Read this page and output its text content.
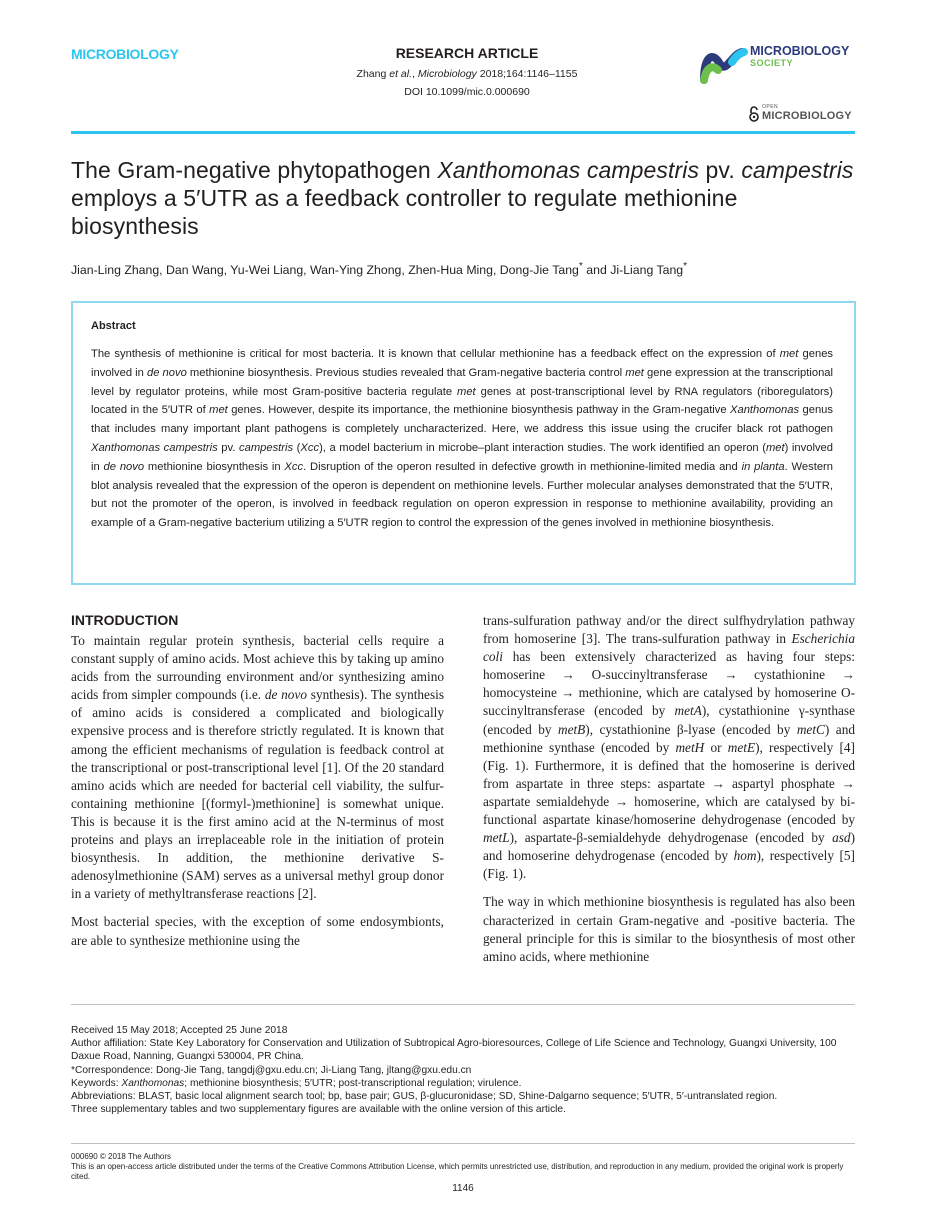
MICROBIOLOGY	RESEARCH ARTICLE
Zhang et al., Microbiology 2018;164:1146–1155
DOI 10.1099/mic.0.000690
MICROBIOLOGY
SOCIETY
OPEN
MICROBIOLOGY
The Gram-negative phytopathogen Xanthomonas campestris pv. campestris employs a 5′UTR as a feedback controller to regulate methionine biosynthesis
Jian-Ling Zhang, Dan Wang, Yu-Wei Liang, Wan-Ying Zhong, Zhen-Hua Ming, Dong-Jie Tang* and Ji-Liang Tang*
Abstract
The synthesis of methionine is critical for most bacteria. It is known that cellular methionine has a feedback effect on the expression of met genes involved in de novo methionine biosynthesis. Previous studies revealed that Gram-negative bacteria control met gene expression at the transcriptional level by regulator proteins, while most Gram-positive bacteria regulate met genes at post-transcriptional level by RNA regulators (riboregulators) located in the 5′UTR of met genes. However, despite its importance, the methionine biosynthesis pathway in the Gram-negative Xanthomonas genus that includes many important plant pathogens is completely uncharacterized. Here, we address this issue using the crucifer black rot pathogen Xanthomonas campestris pv. campestris (Xcc), a model bacterium in microbe–plant interaction studies. The work identified an operon (met) involved in de novo methionine biosynthesis in Xcc. Disruption of the operon resulted in defective growth in methionine-limited media and in planta. Western blot analysis revealed that the expression of the operon is dependent on methionine levels. Further molecular analyses demonstrated that the 5′UTR, but not the promoter of the operon, is involved in feedback regulation on operon expression in response to methionine availability, providing an example of a Gram-negative bacterium utilizing a 5′UTR region to control the expression of the genes involved in methionine biosynthesis.
INTRODUCTION

To maintain regular protein synthesis, bacterial cells require a constant supply of amino acids. Most achieve this by taking up amino acids from the surrounding environment and/or synthesizing amino acids from simpler compounds (i.e. de novo synthesis). The synthesis of amino acids is considered a complicated and biologically expensive process and is therefore strictly regulated. It is known that among the efficient mechanisms of regulation is feedback control at the transcriptional or post-transcriptional level [1]. Of the 20 standard amino acids which are needed for bacterial cell viability, the sulfur-containing methionine [(formyl-)methionine] is somewhat unique. This is because it is the first amino acid at the N-terminus of most proteins and plays an irreplaceable role in the initiation of protein biosynthesis. In addition, the methionine derivative S-adenosylmethionine (SAM) serves as a universal methyl group donor in a variety of methyltransferase reactions [2].

Most bacterial species, with the exception of some endosymbionts, are able to synthesize methionine using the

trans-sulfuration pathway and/or the direct sulfhydrylation pathway from homoserine [3]. The trans-sulfuration pathway in Escherichia coli has been extensively characterized as having four steps: homoserine → O-succinyltransferase → cystathionine → homocysteine → methionine, which are catalysed by homoserine O-succinyltransferase (encoded by metA), cystathionine γ-synthase (encoded by metB), cystathionine β-lyase (encoded by metC) and methionine synthase (encoded by metH or metE), respectively [4] (Fig. 1). Furthermore, it is defined that the homoserine is derived from aspartate in three steps: aspartate → aspartyl phosphate → aspartate semialdehyde → homoserine, which are catalysed by bi-functional aspartate kinase/homoserine dehydrogenase (encoded by metL), aspartate-β-semialdehyde dehydrogenase (encoded by asd) and homoserine dehydrogenase (encoded by hom), respectively [5] (Fig. 1).

The way in which methionine biosynthesis is regulated has also been characterized in certain Gram-negative and -positive bacteria. The general principle for this is similar to the biosynthesis of most other amino acids, where methionine

Received 15 May 2018; Accepted 25 June 2018
Author affiliation: State Key Laboratory for Conservation and Utilization of Subtropical Agro-bioresources, College of Life Science and Technology, Guangxi University, 100 Daxue Road, Nanning, Guangxi 530004, PR China.
*Correspondence: Dong-Jie Tang, tangdj@gxu.edu.cn; Ji-Liang Tang, jltang@gxu.edu.cn
Keywords: Xanthomonas; methionine biosynthesis; 5′UTR; post-transcriptional regulation; virulence.
Abbreviations: BLAST, basic local alignment search tool; bp, base pair; GUS, β-glucuronidase; SD, Shine-Dalgarno sequence; 5′UTR, 5′-untranslated region.
Three supplementary tables and two supplementary figures are available with the online version of this article.
000690 © 2018 The Authors
This is an open-access article distributed under the terms of the Creative Commons Attribution License, which permits unrestricted use, distribution, and reproduction in any medium, provided the original work is properly cited.
1146
